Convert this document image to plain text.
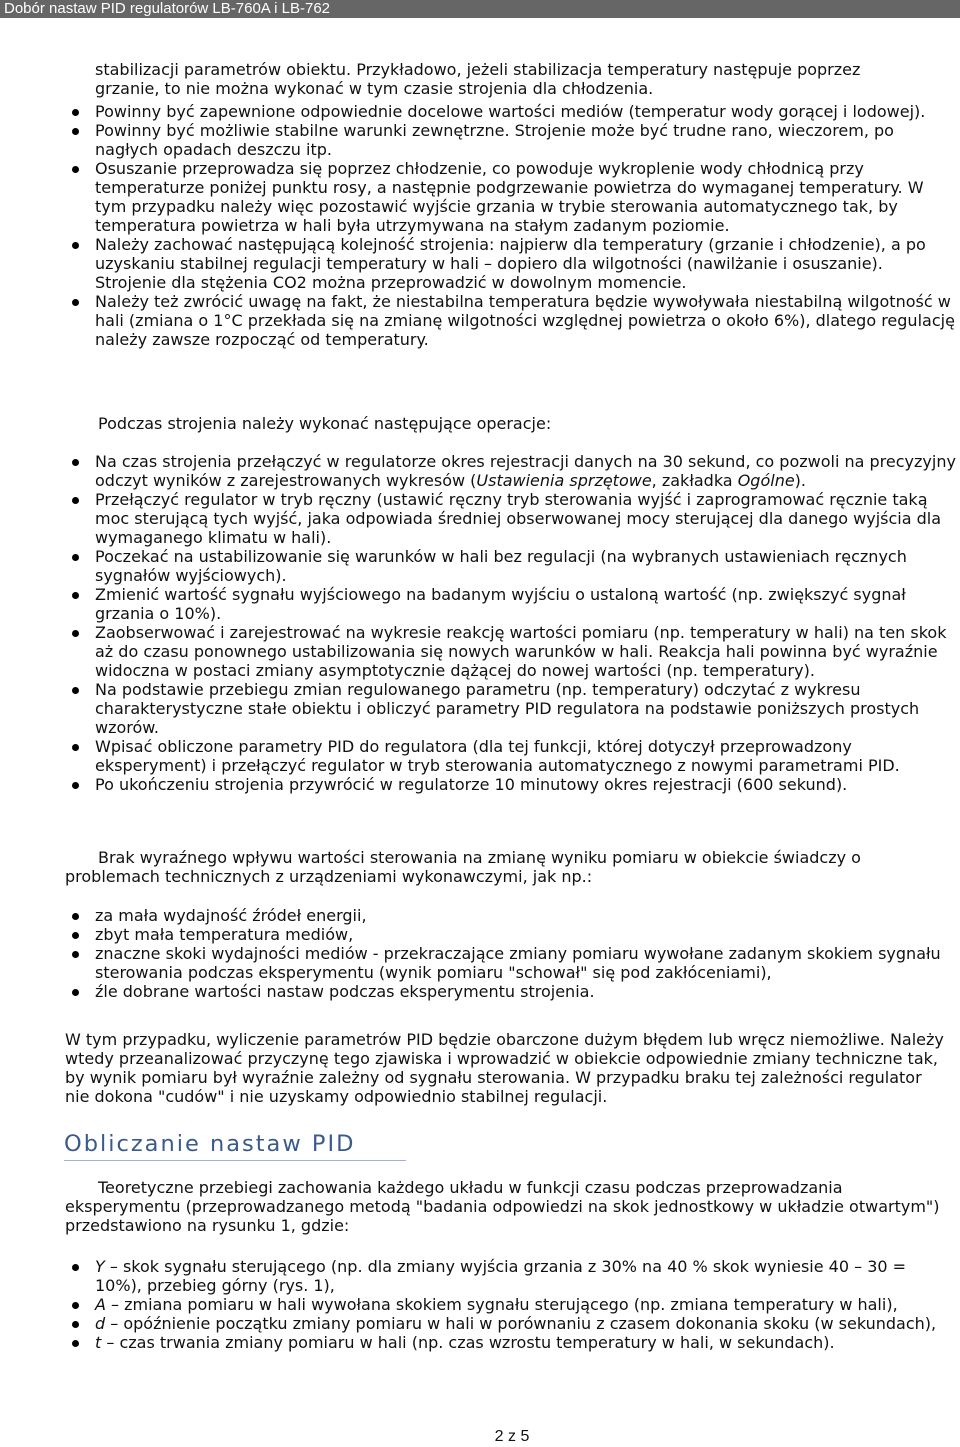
Dobór nastaw PID regulatorów LB-760A i LB-762
stabilizacji parametrów obiektu. Przykładowo, jeżeli stabilizacja temperatury następuje poprzez
grzanie, to nie można wykonać w tym czasie strojenia dla chłodzenia.
Powinny być zapewnione odpowiednie docelowe wartości mediów (temperatur wody gorącej i lodowej).
Powinny być możliwie stabilne warunki zewnętrzne. Strojenie może być trudne rano, wieczorem, po nagłych opadach deszczu itp.
Osuszanie przeprowadza się poprzez chłodzenie, co powoduje wykroplenie wody chłodnicą przy temperaturze poniżej punktu rosy, a następnie podgrzewanie powietrza do wymaganej temperatury. W tym przypadku należy więc pozostawić wyjście grzania w trybie sterowania automatycznego tak, by temperatura powietrza w hali była utrzymywana na stałym zadanym poziomie.
Należy zachować następującą kolejność strojenia: najpierw dla temperatury (grzanie i chłodzenie), a po uzyskaniu stabilnej regulacji temperatury w hali – dopiero dla wilgotności (nawilżanie i osuszanie). Strojenie dla stężenia CO2 można przeprowadzić w dowolnym momencie.
Należy też zwrócić uwagę na fakt, że niestabilna temperatura będzie wywoływała niestabilną wilgotność w hali (zmiana o 1°C przekłada się na zmianę wilgotności względnej powietrza o około 6%), dlatego regulację należy zawsze rozpocząć od temperatury.
Podczas strojenia należy wykonać następujące operacje:
Na czas strojenia przełączyć w regulatorze okres rejestracji danych na 30 sekund, co pozwoli na precyzyjny odczyt wyników z zarejestrowanych wykresów (Ustawienia sprzętowe, zakładka Ogólne).
Przełączyć regulator w tryb ręczny (ustawić ręczny tryb sterowania wyjść i zaprogramować ręcznie taką moc sterującą tych wyjść, jaka odpowiada średniej obserwowanej mocy sterującej dla danego wyjścia dla wymaganego klimatu w hali).
Poczekać na ustabilizowanie się warunków w hali bez regulacji (na wybranych ustawieniach ręcznych sygnałów wyjściowych).
Zmienić wartość sygnału wyjściowego na badanym wyjściu o ustaloną wartość (np. zwiększyć sygnał grzania o 10%).
Zaobserwować i zarejestrować na wykresie reakcję wartości pomiaru (np. temperatury w hali) na ten skok aż do czasu ponownego ustabilizowania się nowych warunków w hali. Reakcja hali powinna być wyraźnie widoczna w postaci zmiany asymptotycznie dążącej do nowej wartości (np. temperatury).
Na podstawie przebiegu zmian regulowanego parametru (np. temperatury) odczytać z wykresu charakterystyczne stałe obiektu i obliczyć parametry PID regulatora na podstawie poniższych prostych wzorów.
Wpisać obliczone parametry PID do regulatora (dla tej funkcji, której dotyczył przeprowadzony eksperyment) i przełączyć regulator w tryb sterowania automatycznego z nowymi parametrami PID.
Po ukończeniu strojenia przywrócić w regulatorze 10 minutowy okres rejestracji (600 sekund).
Brak wyraźnego wpływu wartości sterowania na zmianę wyniku pomiaru w obiekcie świadczy o problemach technicznych z urządzeniami wykonawczymi, jak np.:
za mała wydajność źródeł energii,
zbyt mała temperatura mediów,
znaczne skoki wydajności mediów - przekraczające zmiany pomiaru wywołane zadanym skokiem sygnału sterowania podczas eksperymentu (wynik pomiaru "schował" się pod zakłóceniami),
źle dobrane wartości nastaw podczas eksperymentu strojenia.
W tym przypadku, wyliczenie parametrów PID będzie obarczone dużym błędem lub wręcz niemożliwe. Należy wtedy przeanalizować przyczynę tego zjawiska i wprowadzić w obiekcie odpowiednie zmiany techniczne tak, by wynik pomiaru był wyraźnie zależny od sygnału sterowania. W przypadku braku tej zależności regulator nie dokona "cudów" i nie uzyskamy odpowiednio stabilnej regulacji.
Obliczanie nastaw PID
Teoretyczne przebiegi zachowania każdego układu w funkcji czasu podczas przeprowadzania eksperymentu (przeprowadzanego metodą "badania odpowiedzi na skok jednostkowy w układzie otwartym") przedstawiono na rysunku 1, gdzie:
Y – skok sygnału sterującego (np. dla zmiany wyjścia grzania z 30% na 40 % skok wyniesie 40 – 30 = 10%), przebieg górny (rys. 1),
A – zmiana pomiaru w hali wywołana skokiem sygnału sterującego (np. zmiana temperatury w hali),
d – opóźnienie początku zmiany pomiaru w hali w porównaniu z czasem dokonania skoku (w sekundach),
t – czas trwania zmiany pomiaru w hali (np. czas wzrostu temperatury w hali, w sekundach).
2 z 5
